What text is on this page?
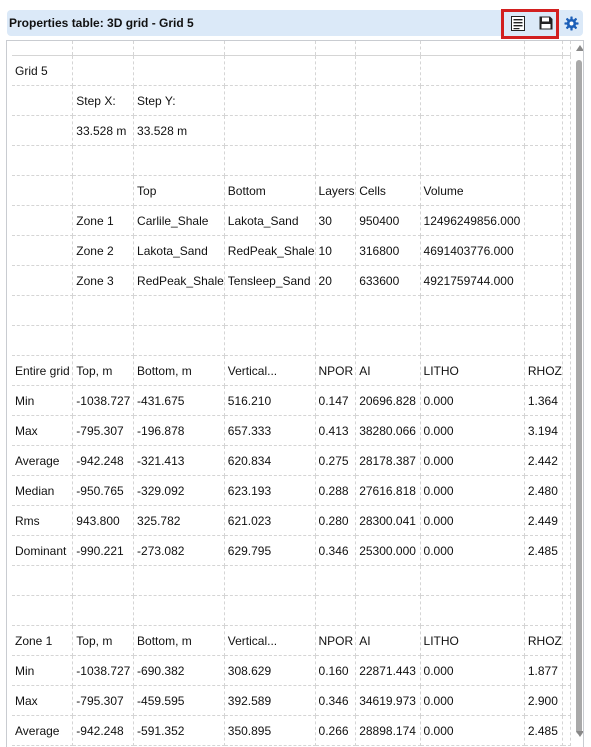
Properties table: 3D grid - Grid 5

Grid 5								
	Step X:	Step Y:						
	33.528 m	33.528 m						

		Top	Bottom	Layers	Cells	Volume		
	Zone 1	Carlile_Shale	Lakota_Sand	30	950400	12496249856.000		
	Zone 2	Lakota_Sand	RedPeak_Shale	10	316800	4691403776.000		
	Zone 3	RedPeak_Shale	Tensleep_Sand	20	633600	4921759744.000		

Entire grid	Top, m	Bottom, m	Vertical...	NPOR	AI	LITHO	RHOZ	
Min	-1038.727	-431.675	516.210	0.147	20696.828	0.000	1.364	
Max	-795.307	-196.878	657.333	0.413	38280.066	0.000	3.194	
Average	-942.248	-321.413	620.834	0.275	28178.387	0.000	2.442	
Median	-950.765	-329.092	623.193	0.288	27616.818	0.000	2.480	
Rms	943.800	325.782	621.023	0.280	28300.041	0.000	2.449	
Dominant	-990.221	-273.082	629.795	0.346	25300.000	0.000	2.485	

Zone 1	Top, m	Bottom, m	Vertical...	NPOR	AI	LITHO	RHOZ	
Min	-1038.727	-690.382	308.629	0.160	22871.443	0.000	1.877	
Max	-795.307	-459.595	392.589	0.346	34619.973	0.000	2.900	
Average	-942.248	-591.352	350.895	0.266	28898.174	0.000	2.485	
